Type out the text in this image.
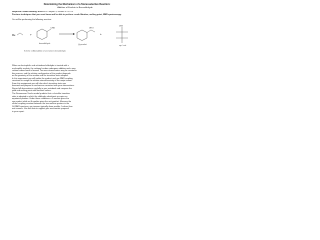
Determining the Mechanism of a Stereoselective Reaction:
Addition of Enolate to Benzaldehyde
Required Prelab Reading: Addison's Chapter 3, section 3.2 & 3.3
Previous techniques that you must know and be able to perform: crude filtration, melting point, NMR spectroscopy.
You will be performing the following reaction:
Me	+
CHO
benzaldehyde
OH O
(±)-product
CH3
syn / anti
+
Scheme 1. Aldol addition of an enolate to benzaldehyde.
When an electrophilic and unhindered aldehyde is treated with a
nucleophilic enolate, the carbonyl carbon undergoes addition and a new
carbon-carbon bond is formed. Two new stereocentres may be created in
this process, and the relative configuration of the product depends
on the geometry of the enolate and the transition state adopted.
In this experiment you will isolate the product and use NMR coupling
constants to assign the relative stereochemistry of the major isomer.
From this assignment you will infer which transition state was
favoured and propose a mechanism consistent with your observations.
Record all observations carefully in your notebook and compare the
yield and melting point with literature values.
The Zimmerman-Traxler model predicts that a chair-like transition
state is adopted in which the aldehyde substituent occupies an
equatorial position. Under these conditions a Z-enolate gives the
syn product while an E-enolate gives the anti product. Measure the
vicinal coupling constant between the two methine protons in the
1H NMR spectrum: syn isomers typically show smaller J values than
anti isomers. Use this data to support your mechanistic proposal
in your report.
